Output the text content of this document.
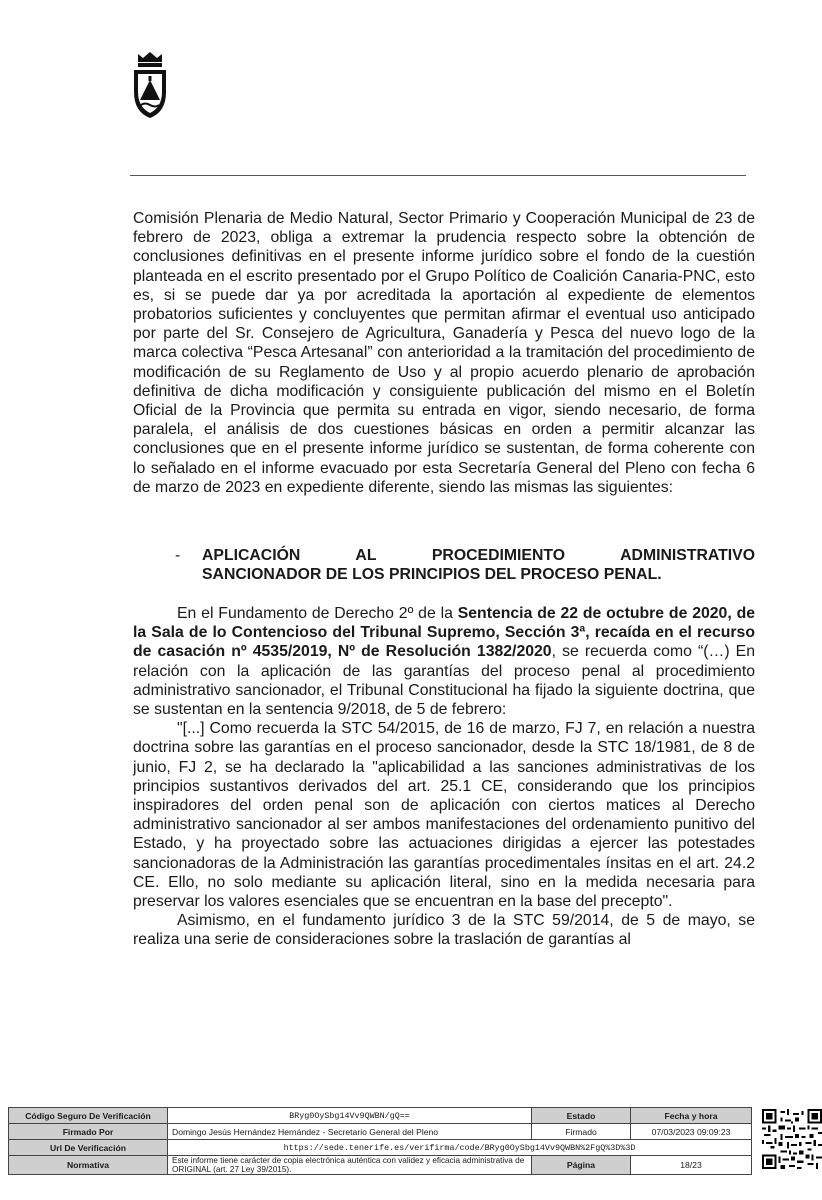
Comisión Plenaria de Medio Natural, Sector Primario y Cooperación Municipal de 23 de febrero de 2023, obliga a extremar la prudencia respecto sobre la obtención de conclusiones definitivas en el presente informe jurídico sobre el fondo de la cuestión planteada en el escrito presentado por el Grupo Político de Coalición Canaria-PNC, esto es, si se puede dar ya por acreditada la aportación al expediente de elementos probatorios suficientes y concluyentes que permitan afirmar el eventual uso anticipado por parte del Sr. Consejero de Agricultura, Ganadería y Pesca del nuevo logo de la marca colectiva “Pesca Artesanal” con anterioridad a la tramitación del procedimiento de modificación de su Reglamento de Uso y al propio acuerdo plenario de aprobación definitiva de dicha modificación y consiguiente publicación del mismo en el Boletín Oficial de la Provincia que permita su entrada en vigor, siendo necesario, de forma paralela, el análisis de dos cuestiones básicas en orden a permitir alcanzar las conclusiones que en el presente informe jurídico se sustentan, de forma coherente con lo señalado en el informe evacuado por esta Secretaría General del Pleno con fecha 6 de marzo de 2023 en expediente diferente, siendo las mismas las siguientes:

- APLICACIÓN AL PROCEDIMIENTO ADMINISTRATIVO
SANCIONADOR DE LOS PRINCIPIOS DEL PROCESO PENAL.

En el Fundamento de Derecho 2º de la Sentencia de 22 de octubre de 2020, de la Sala de lo Contencioso del Tribunal Supremo, Sección 3ª, recaída en el recurso de casación nº 4535/2019, Nº de Resolución 1382/2020, se recuerda como “(…) En relación con la aplicación de las garantías del proceso penal al procedimiento administrativo sancionador, el Tribunal Constitucional ha fijado la siguiente doctrina, que se sustentan en la sentencia 9/2018, de 5 de febrero:

"[...] Como recuerda la STC 54/2015, de 16 de marzo, FJ 7, en relación a nuestra doctrina sobre las garantías en el proceso sancionador, desde la STC 18/1981, de 8 de junio, FJ 2, se ha declarado la "aplicabilidad a las sanciones administrativas de los principios sustantivos derivados del art. 25.1 CE, considerando que los principios inspiradores del orden penal son de aplicación con ciertos matices al Derecho administrativo sancionador al ser ambos manifestaciones del ordenamiento punitivo del Estado, y ha proyectado sobre las actuaciones dirigidas a ejercer las potestades sancionadoras de la Administración las garantías procedimentales ínsitas en el art. 24.2 CE. Ello, no solo mediante su aplicación literal, sino en la medida necesaria para preservar los valores esenciales que se encuentran en la base del precepto".

Asimismo, en el fundamento jurídico 3 de la STC 59/2014, de 5 de mayo, se realiza una serie de consideraciones sobre la traslación de garantías al

Código Seguro De Verificación	BRyg0OySbg14Vv9QWBN/gQ==	Estado	Fecha y hora
Firmado Por	Domingo Jesús Hernández Hernández - Secretario General del Pleno	Firmado	07/03/2023 09:09:23
Url De Verificación	https://sede.tenerife.es/verifirma/code/BRyg0OySbg14Vv9QWBN%2FgQ%3D%3D		
Normativa	Este informe tiene carácter de copia electrónica auténtica con validez y eficacia administrativa de ORIGINAL (art. 27 Ley 39/2015).	Página	18/23
